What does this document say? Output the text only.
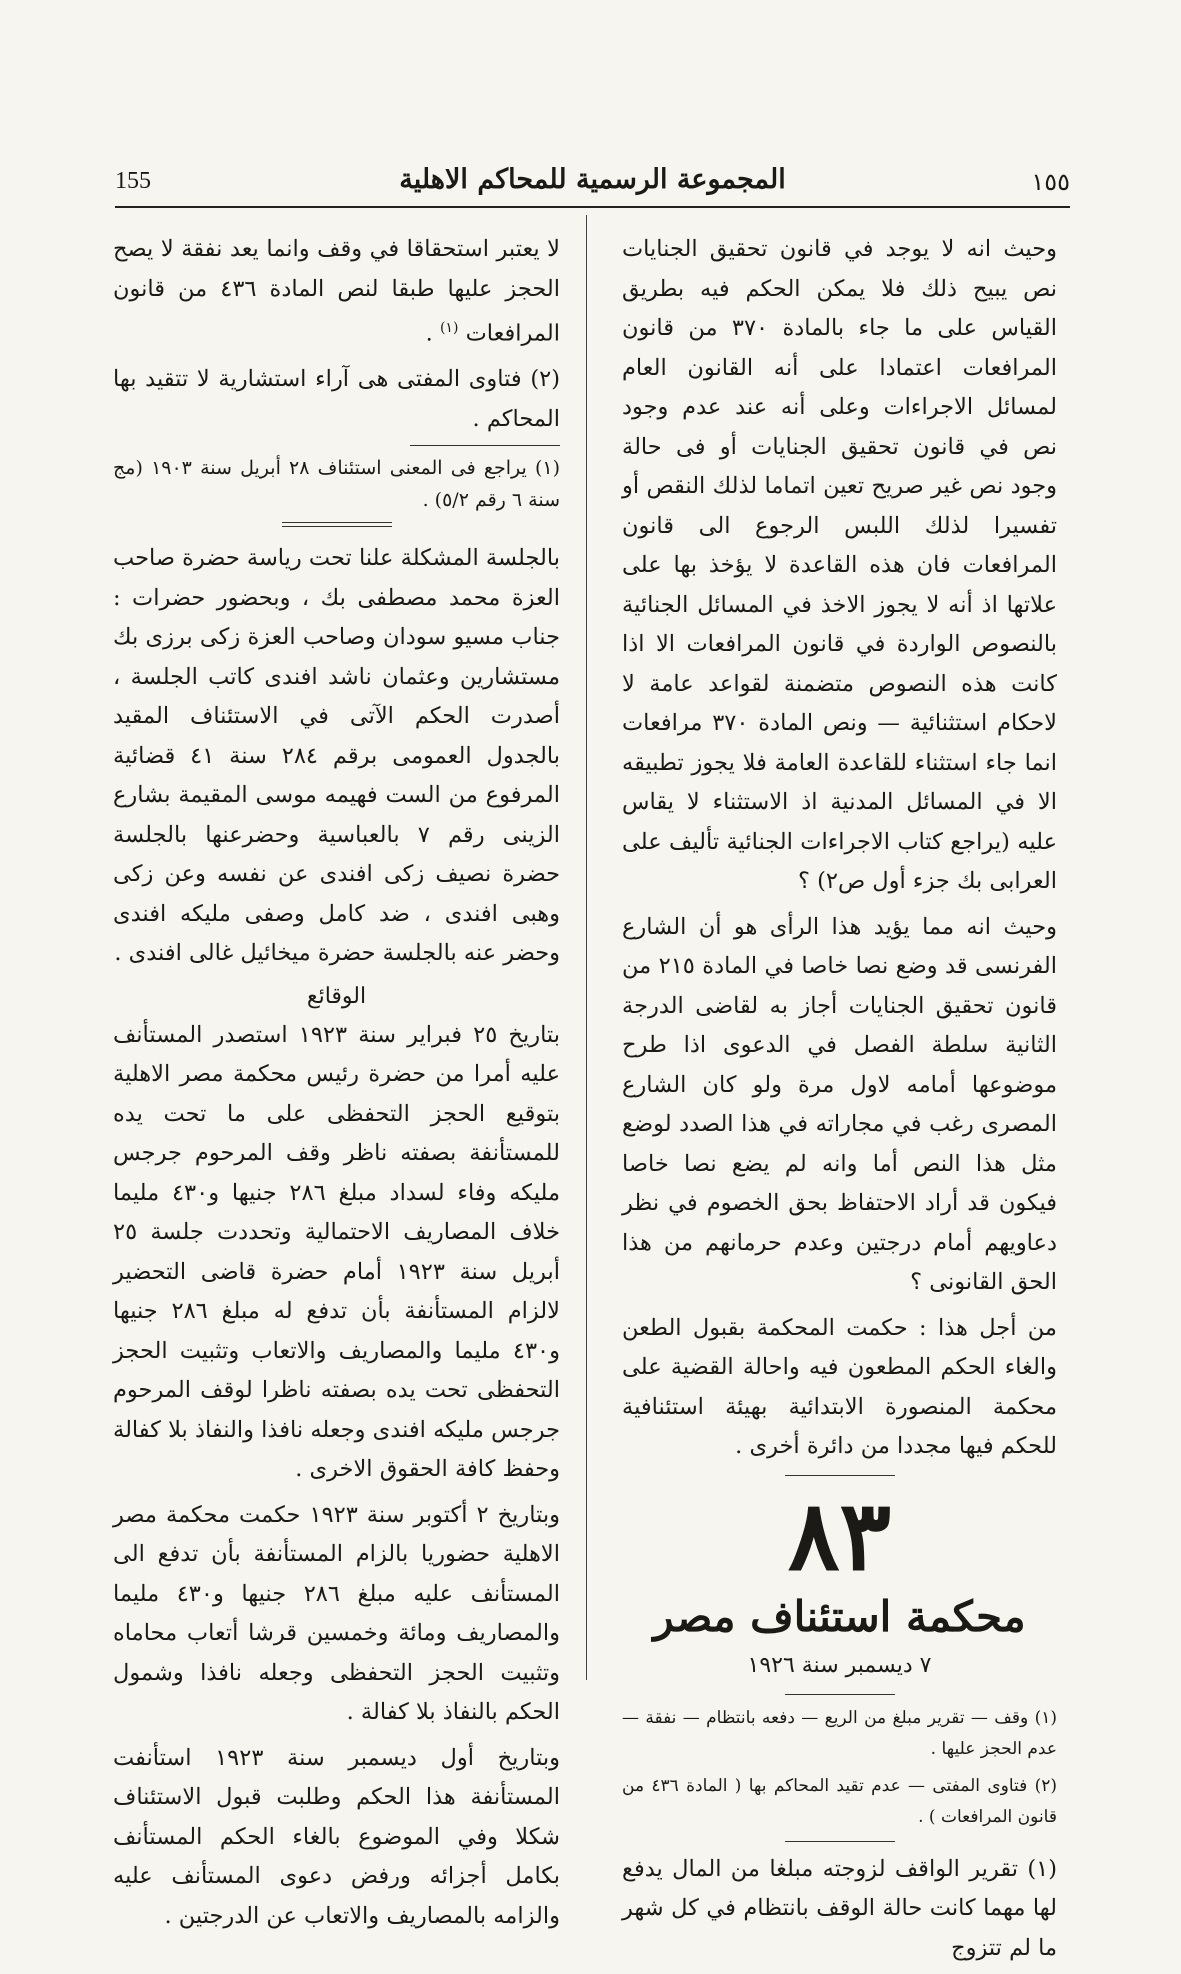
١٥٥
المجموعة الرسمية للمحاكم الاهلية
155

وحيث انه لا يوجد في قانون تحقيق الجنايات نص يبيح ذلك فلا يمكن الحكم فيه بطريق القياس على ما جاء بالمادة ٣٧٠ من قانون المرافعات اعتمادا على أنه القانون العام لمسائل الاجراءات وعلى أنه عند عدم وجود نص في قانون تحقيق الجنايات أو فى حالة وجود نص غير صريح تعين اتماما لذلك النقص أو تفسيرا لذلك اللبس الرجوع الى قانون المرافعات فان هذه القاعدة لا يؤخذ بها على علاتها اذ أنه لا يجوز الاخذ في المسائل الجنائية بالنصوص الواردة في قانون المرافعات الا اذا كانت هذه النصوص متضمنة لقواعد عامة لا لاحكام استثنائية — ونص المادة ٣٧٠ مرافعات انما جاء استثناء للقاعدة العامة فلا يجوز تطبيقه الا في المسائل المدنية اذ الاستثناء لا يقاس عليه (يراجع كتاب الاجراءات الجنائية تأليف على العرابى بك جزء أول ص٢) ؟

وحيث انه مما يؤيد هذا الرأى هو أن الشارع الفرنسى قد وضع نصا خاصا في المادة ٢١٥ من قانون تحقيق الجنايات أجاز به لقاضى الدرجة الثانية سلطة الفصل في الدعوى اذا طرح موضوعها أمامه لاول مرة ولو كان الشارع المصرى رغب في مجاراته في هذا الصدد لوضع مثل هذا النص أما وانه لم يضع نصا خاصا فيكون قد أراد الاحتفاظ بحق الخصوم في نظر دعاويهم أمام درجتين وعدم حرمانهم من هذا الحق القانونى ؟

من أجل هذا : حكمت المحكمة بقبول الطعن والغاء الحكم المطعون فيه واحالة القضية على محكمة المنصورة الابتدائية بهيئة استئنافية للحكم فيها مجددا من دائرة أخرى .

٨٣
محكمة استئناف مصر
٧ ديسمبر سنة ١٩٢٦

(١) وقف — تقرير مبلغ من الريع — دفعه بانتظام — نفقة — عدم الحجز عليها .

(٢) فتاوى المفتى — عدم تقيد المحاكم بها ( المادة ٤٣٦ من قانون المرافعات ) .

(١) تقرير الواقف لزوجته مبلغا من المال يدفع لها مهما كانت حالة الوقف بانتظام في كل شهر ما لم تتزوج

لا يعتبر استحقاقا في وقف وانما يعد نفقة لا يصح الحجز عليها طبقا لنص المادة ٤٣٦ من قانون المرافعات $^{(١)}$ .

(٢) فتاوى المفتى هى آراء استشارية لا تتقيد بها المحاكم .

(١) يراجع فى المعنى استئناف ٢٨ أبريل سنة ١٩٠٣ (مج سنة ٦ رقم ٥/٢) .

بالجلسة المشكلة علنا تحت رياسة حضرة صاحب العزة محمد مصطفى بك ، وبحضور حضرات : جناب مسيو سودان وصاحب العزة زكى برزى بك مستشارين وعثمان ناشد افندى كاتب الجلسة ، أصدرت الحكم الآتى في الاستئناف المقيد بالجدول العمومى برقم ٢٨٤ سنة ٤١ قضائية المرفوع من الست فهيمه موسى المقيمة بشارع الزينى رقم ٧ بالعباسية وحضرعنها بالجلسة حضرة نصيف زكى افندى عن نفسه وعن زكى وهبى افندى ، ضد كامل وصفى مليكه افندى وحضر عنه بالجلسة حضرة ميخائيل غالى افندى .

الوقائع

بتاريخ ٢٥ فبراير سنة ١٩٢٣ استصدر المستأنف عليه أمرا من حضرة رئيس محكمة مصر الاهلية بتوقيع الحجز التحفظى على ما تحت يده للمستأنفة بصفته ناظر وقف المرحوم جرجس مليكه وفاء لسداد مبلغ ٢٨٦ جنيها و٤٣٠ مليما خلاف المصاريف الاحتمالية وتحددت جلسة ٢٥ أبريل سنة ١٩٢٣ أمام حضرة قاضى التحضير لالزام المستأنفة بأن تدفع له مبلغ ٢٨٦ جنيها و٤٣٠ مليما والمصاريف والاتعاب وتثبيت الحجز التحفظى تحت يده بصفته ناظرا لوقف المرحوم جرجس مليكه افندى وجعله نافذا والنفاذ بلا كفالة وحفظ كافة الحقوق الاخرى .

وبتاريخ ٢ أكتوبر سنة ١٩٢٣ حكمت محكمة مصر الاهلية حضوريا بالزام المستأنفة بأن تدفع الى المستأنف عليه مبلغ ٢٨٦ جنيها و٤٣٠ مليما والمصاريف ومائة وخمسين قرشا أتعاب محاماه وتثبيت الحجز التحفظى وجعله نافذا وشمول الحكم بالنفاذ بلا كفالة .

وبتاريخ أول ديسمبر سنة ١٩٢٣ استأنفت المستأنفة هذا الحكم وطلبت قبول الاستئناف شكلا وفي الموضوع بالغاء الحكم المستأنف بكامل أجزائه ورفض دعوى المستأنف عليه والزامه بالمصاريف والاتعاب عن الدرجتين .
